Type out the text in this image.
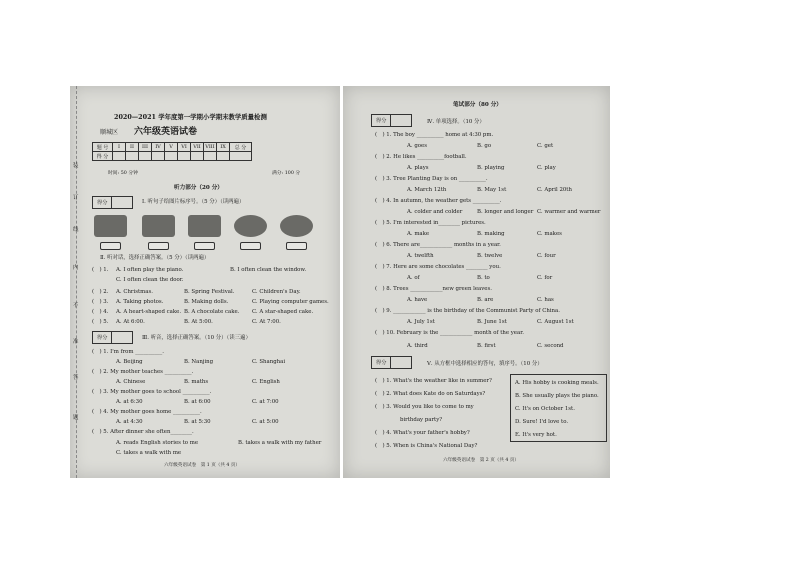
装
订
线
内
不
准
答
题
2020—2021 学年度第一学期小学期末教学质量检测
顺城区 六年级英语试卷
题 号	I	II	III	IV	V	VI	VII	VIII	IX	总 分
得 分										
时间: 50 分钟	满分: 100 分
听力部分（20 分）
得分
	Ⅰ. 听句子给图片标序号。（5 分）（读两遍）
Ⅱ. 听对话，选择正确答案。（5 分）（读两遍）
(　) 1. A. I often play the piano.	B. I often clean the window.
C. I often clean the door.
(　) 2. A. Christmas.	B. Spring Festival.	C. Children's Day.
(　) 3. A. Taking photos.	B. Making dolls.	C. Playing computer games.
(　) 4. A. A heart-shaped cake. B. A chocolate cake. C. A star-shaped cake.
(　) 5. A. At 6:00.	B. At 5:00.	C. At 7:00.
得分
	Ⅲ. 听音，选择正确答案。（10 分）（读三遍）
(　) 1. I'm from __________.
A. Beijing	B. Nanjing	C. Shanghai
(　) 2. My mother teaches __________.
A. Chinese	B. maths	C. English
(　) 3. My mother goes to school __________.
A. at 6:30	B. at 6:00	C. at 7:00
(　) 4. My mother goes home __________.
A. at 4:30	B. at 5:30	C. at 5:00
(　) 5. After dinner she often________.
A. reads English stories to me	B. takes a walk with my father
C. takes a walk with me
六年级英语试卷　第 1 页（共 4 页）
笔试部分（80 分）
得分
	Ⅳ. 单项选择。（10 分）
(　) 1. The boy __________ home at 4:30 pm.
A. goes	B. go	C. get
(　) 2. He likes __________football.
A. plays	B. playing	C. play
(　) 3. Tree Planting Day is on __________.
A. March 12th	B. May 1st	C. April 20th
(　) 4. In autumn, the weather gets __________.
A. colder and colder	B. longer and longer C. warmer and warmer
(　) 5. I'm interested in________ pictures.
A. make	B. making	C. makes
(　) 6. There are____________ months in a year.
A. twelfth	B. twelve	C. four
(　) 7. Here are some chocolates ________ you.
A. of	B. to	C. for
(　) 8. Trees ____________new green leaves.
A. have	B. are	C. has
(　) 9. ____________ is the birthday of the Communist Party of China.
A. July 1st	B. June 1st	C. August 1st
(　) 10. February is the ____________ month of the year.
A. third	B. first	C. second
得分
	Ⅴ. 从方框中选择相应的答句，填序号。（10 分）
(　) 1. What's the weather like in summer?
(　) 2. What does Kate do on Saturdays?
(　) 3. Would you like to come to my
birthday party?
(　) 4. What's your father's hobby?
(　) 5. When is China's National Day?
A. His hobby is cooking meals.
B. She usually plays the piano.
C. It's on October 1st.
D. Sure! I'd love to.
E. It's very hot.
六年级英语试卷　第 2 页（共 4 页）
